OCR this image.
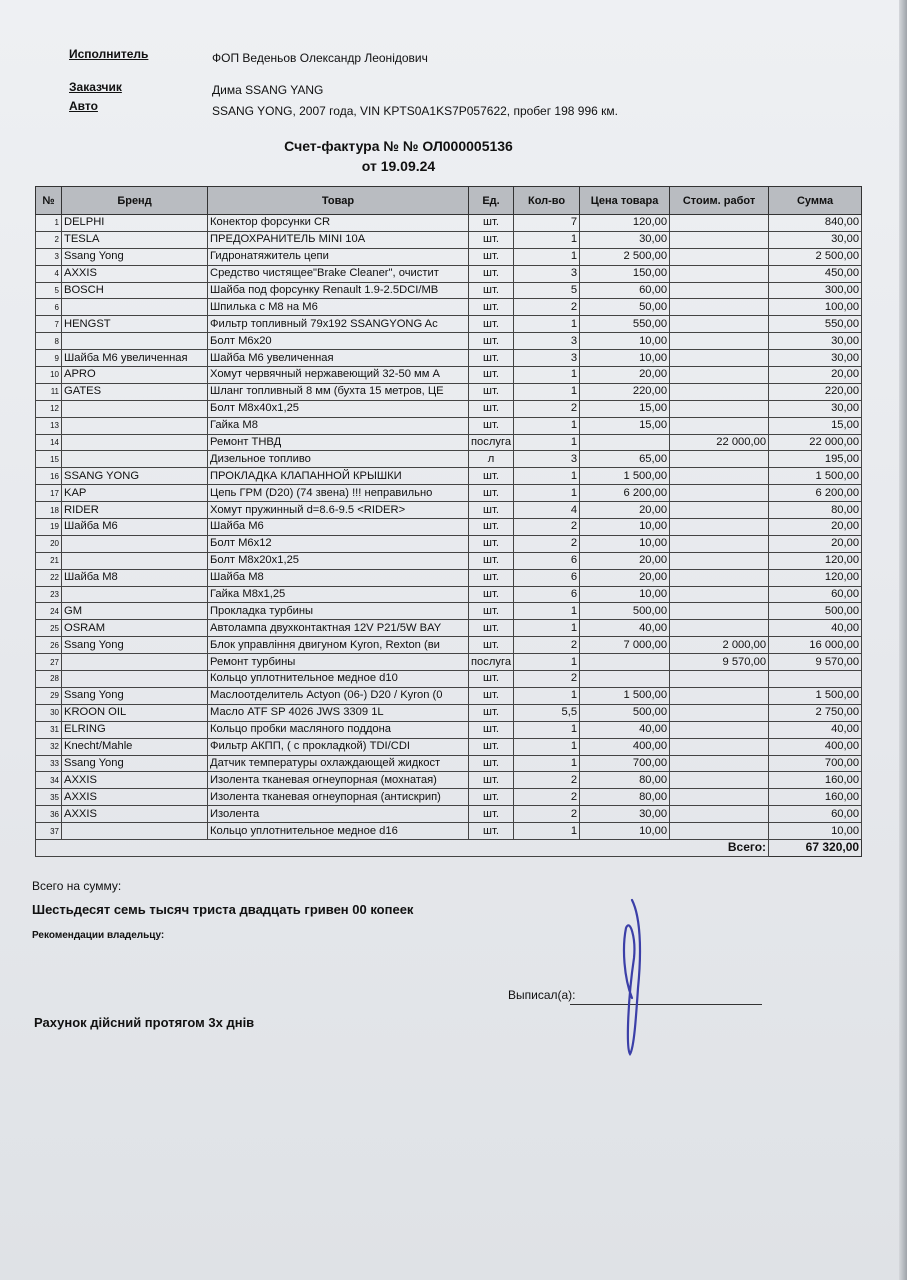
Исполнитель	ФОП Веденьов Олександр Леонідович
Заказчик	Дима SSANG YANG
Авто	SSANG YONG, 2007 года, VIN KPTS0A1KS7P057622, пробег 198 996 км.
Счет-фактура № № ОЛ000005136
от 19.09.24
№	Бренд	Товар	Ед.	Кол-во	Цена товара	Стоим. работ	Сумма
1	DELPHI	Конектор форсунки CR	шт.	7	120,00		840,00
2	TESLA	ПРЕДОХРАНИТЕЛЬ MINI 10A	шт.	1	30,00		30,00
3	Ssang Yong	Гидронатяжитель цепи	шт.	1	2 500,00		2 500,00
4	AXXIS	Средство чистящее"Brake Cleaner", очистит	шт.	3	150,00		450,00
5	BOSCH	Шайба под форсунку Renault 1.9-2.5DCI/MB	шт.	5	60,00		300,00
6		Шпилька с М8 на М6	шт.	2	50,00		100,00
7	HENGST	Фильтр топливный 79x192 SSANGYONG Ac	шт.	1	550,00		550,00
8		Болт М6x20	шт.	3	10,00		30,00
9	Шайба М6 увеличенная	Шайба М6 увеличенная	шт.	3	10,00		30,00
10	APRO	Хомут червячный нержавеющий 32-50 мм А	шт.	1	20,00		20,00
11	GATES	Шланг топливный 8 мм (бухта 15 метров, ЦЕ	шт.	1	220,00		220,00
12		Болт М8x40x1,25	шт.	2	15,00		30,00
13		Гайка М8	шт.	1	15,00		15,00
14		Ремонт ТНВД	послуга	1		22 000,00	22 000,00
15		Дизельное топливо	л	3	65,00		195,00
16	SSANG YONG	ПРОКЛАДКА КЛАПАННОЙ КРЫШКИ	шт.	1	1 500,00		1 500,00
17	KAP	Цепь ГРМ (D20) (74 звена) !!! неправильно	шт.	1	6 200,00		6 200,00
18	RIDER	Хомут пружинный d=8.6-9.5 <RIDER>	шт.	4	20,00		80,00
19	Шайба М6	Шайба М6	шт.	2	10,00		20,00
20		Болт М6x12	шт.	2	10,00		20,00
21		Болт М8x20x1,25	шт.	6	20,00		120,00
22	Шайба М8	Шайба М8	шт.	6	20,00		120,00
23		Гайка М8x1,25	шт.	6	10,00		60,00
24	GM	Прокладка турбины	шт.	1	500,00		500,00
25	OSRAM	Автолампа двухконтактная 12V P21/5W BAY	шт.	1	40,00		40,00
26	Ssang Yong	Блок управління двигуном Kyron, Rexton (ви	шт.	2	7 000,00	2 000,00	16 000,00
27		Ремонт турбины	послуга	1		9 570,00	9 570,00
28		Кольцо уплотнительное медное d10	шт.	2			
29	Ssang Yong	Маслоотделитель Actyon (06-) D20 / Kyron (0	шт.	1	1 500,00		1 500,00
30	KROON OIL	Масло ATF SP 4026 JWS 3309 1L	шт.	5,5	500,00		2 750,00
31	ELRING	Кольцо пробки масляного поддона	шт.	1	40,00		40,00
32	Knecht/Mahle	Фильтр АКПП, ( с прокладкой) TDI/CDI	шт.	1	400,00		400,00
33	Ssang Yong	Датчик температуры охлаждающей жидкост	шт.	1	700,00		700,00
34	AXXIS	Изолента тканевая огнеупорная (мохнатая)	шт.	2	80,00		160,00
35	AXXIS	Изолента тканевая огнеупорная (антискрип)	шт.	2	80,00		160,00
36	AXXIS	Изолента	шт.	2	30,00		60,00
37		Кольцо уплотнительное медное d16	шт.	1	10,00		10,00
Всего:							67 320,00
Всего на сумму:
Шестьдесят семь тысяч триста двадцать гривен 00 копеек
Рекомендации владельцу:
Выписал(а):
Рахунок дійсний протягом 3х днів
